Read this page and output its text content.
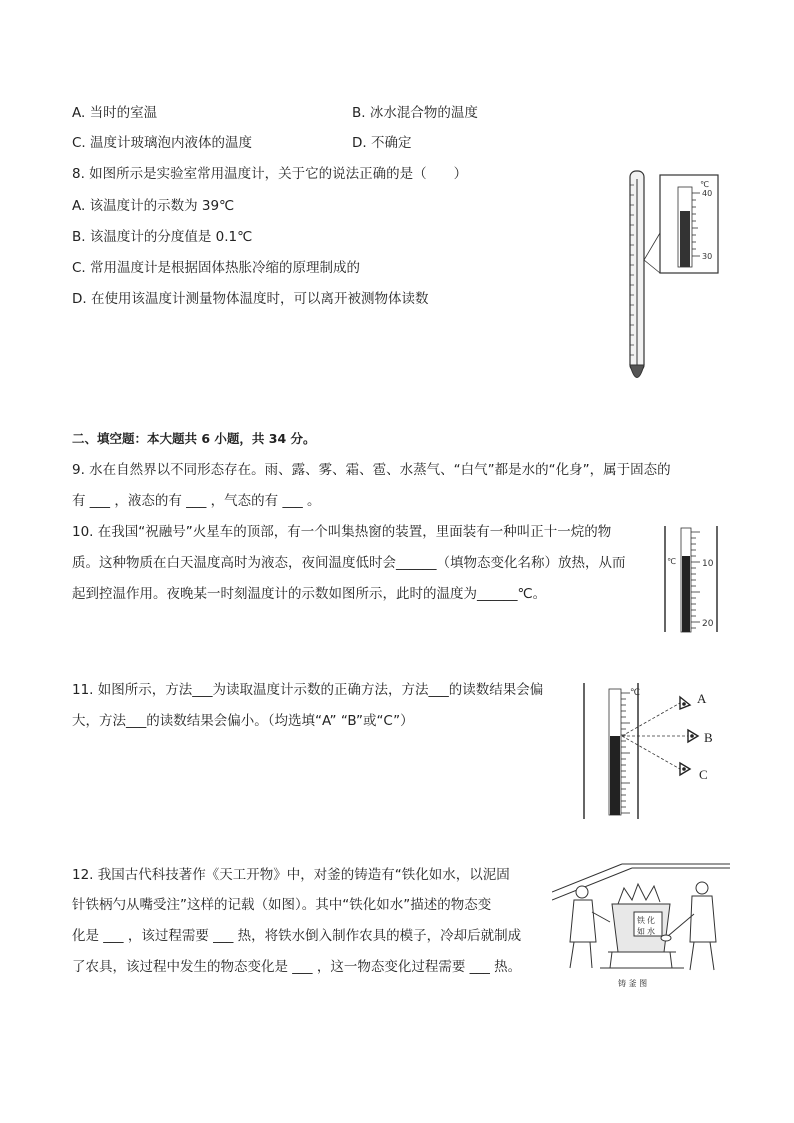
A. 当时的室温	B. 冰水混合物的温度
C. 温度计玻璃泡内液体的温度	D. 不确定
8. 如图所示是实验室常用温度计，关于它的说法正确的是（　　）
A. 该温度计的示数为 39℃
B. 该温度计的分度值是 0.1℃
C. 常用温度计是根据固体热胀冷缩的原理制成的
D. 在使用该温度计测量物体温度时，可以离开被测物体读数
℃
40
30
二、填空题：本大题共 6 小题，共 34 分。
9. 水在自然界以不同形态存在。雨、露、雾、霜、雹、水蒸气、“白气”都是水的“化身”，属于固态的
有 ___ ，液态的有 ___ ，气态的有 ___ 。
10. 在我国“祝融号”火星车的顶部，有一个叫集热窗的装置，里面装有一种叫正十一烷的物
质。这种物质在白天温度高时为液态，夜间温度低时会______（填物态变化名称）放热，从而
起到控温作用。夜晚某一时刻温度计的示数如图所示，此时的温度为______℃。
℃	10
20
11. 如图所示，方法___为读取温度计示数的正确方法，方法___的读数结果会偏
大，方法___的读数结果会偏小。（均选填“A” “B”或“C”）
℃	A
B
C
12. 我国古代科技著作《天工开物》中，对釜的铸造有“铁化如水，以泥固
针铁柄勺从嘴受注”这样的记载（如图）。其中“铁化如水”描述的物态变
化是 ___ ，该过程需要 ___ 热，将铁水倒入制作农具的模子，冷却后就制成
了农具，该过程中发生的物态变化是 ___ ，这一物态变化过程需要 ___ 热。
铁 化
如 水
铸 釜 图
